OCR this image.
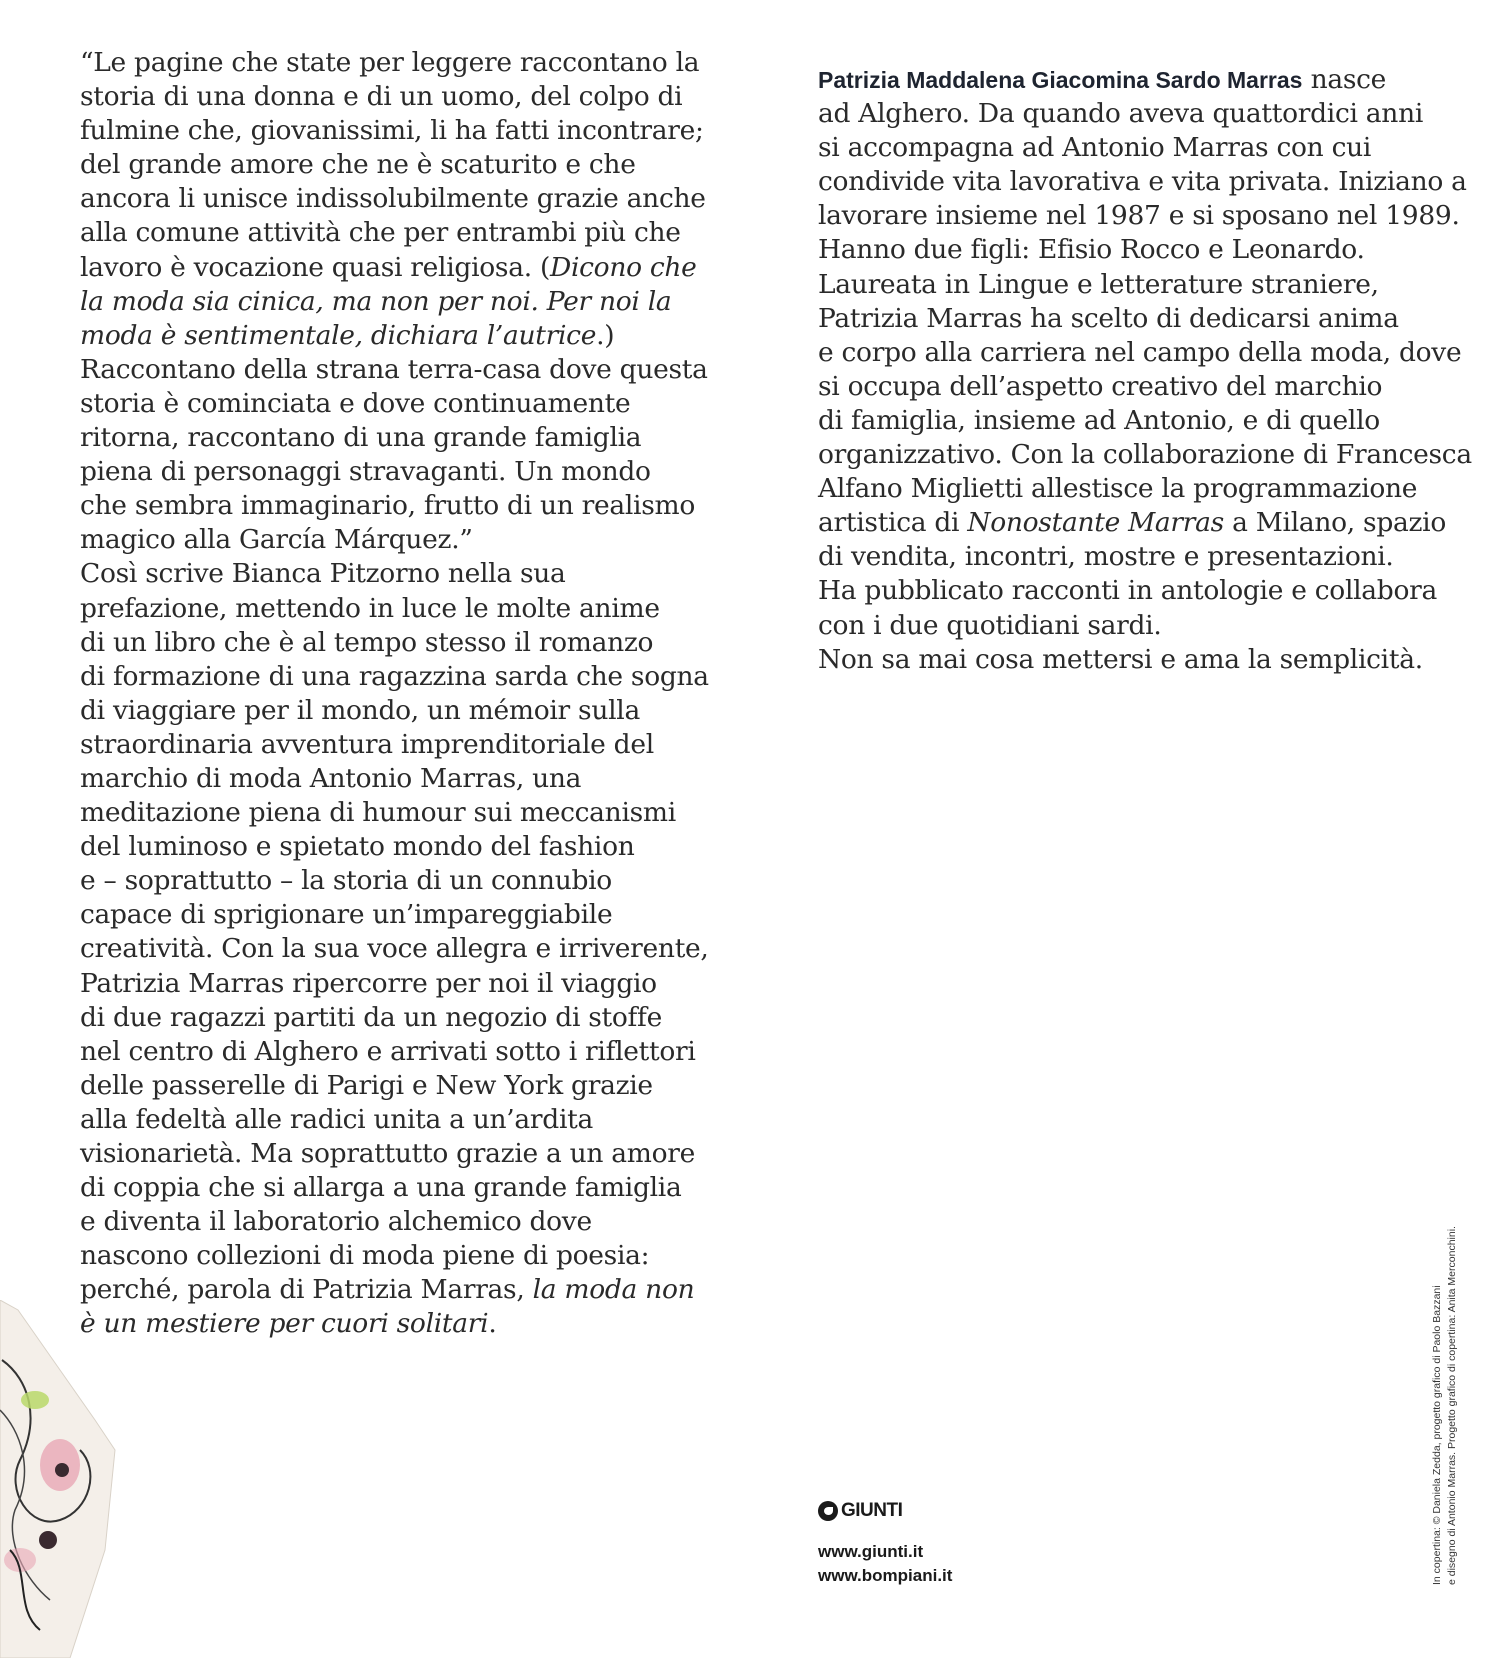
“Le pagine che state per leggere raccontano la
storia di una donna e di un uomo, del colpo di
fulmine che, giovanissimi, li ha fatti incontrare;
del grande amore che ne è scaturito e che
ancora li unisce indissolubilmente grazie anche
alla comune attività che per entrambi più che
lavoro è vocazione quasi religiosa. (Dicono che
la moda sia cinica, ma non per noi. Per noi la
moda è sentimentale, dichiara l’autrice.)
Raccontano della strana terra-casa dove questa
storia è cominciata e dove continuamente
ritorna, raccontano di una grande famiglia
piena di personaggi stravaganti. Un mondo
che sembra immaginario, frutto di un realismo
magico alla García Márquez.”
Così scrive Bianca Pitzorno nella sua
prefazione, mettendo in luce le molte anime
di un libro che è al tempo stesso il romanzo
di formazione di una ragazzina sarda che sogna
di viaggiare per il mondo, un mémoir sulla
straordinaria avventura imprenditoriale del
marchio di moda Antonio Marras, una
meditazione piena di humour sui meccanismi
del luminoso e spietato mondo del fashion
e – soprattutto – la storia di un connubio
capace di sprigionare un’impareggiabile
creatività. Con la sua voce allegra e irriverente,
Patrizia Marras ripercorre per noi il viaggio
di due ragazzi partiti da un negozio di stoffe
nel centro di Alghero e arrivati sotto i riflettori
delle passerelle di Parigi e New York grazie
alla fedeltà alle radici unita a un’ardita
visionarietà. Ma soprattutto grazie a un amore
di coppia che si allarga a una grande famiglia
e diventa il laboratorio alchemico dove
nascono collezioni di moda piene di poesia:
perché, parola di Patrizia Marras, la moda non
è un mestiere per cuori solitari.
Patrizia Maddalena Giacomina Sardo Marras nasce
ad Alghero. Da quando aveva quattordici anni
si accompagna ad Antonio Marras con cui
condivide vita lavorativa e vita privata. Iniziano a
lavorare insieme nel 1987 e si sposano nel 1989.
Hanno due figli: Efisio Rocco e Leonardo.
Laureata in Lingue e letterature straniere,
Patrizia Marras ha scelto di dedicarsi anima
e corpo alla carriera nel campo della moda, dove
si occupa dell’aspetto creativo del marchio
di famiglia, insieme ad Antonio, e di quello
organizzativo. Con la collaborazione di Francesca
Alfano Miglietti allestisce la programmazione
artistica di Nonostante Marras a Milano, spazio
di vendita, incontri, mostre e presentazioni.
Ha pubblicato racconti in antologie e collabora
con i due quotidiani sardi.
Non sa mai cosa mettersi e ama la semplicità.
GIUNTI
www.giunti.it
www.bompiani.it	In copertina: © Daniela Zedda, progetto grafico di Paolo Bazzani e disegno di Antonio Marras. Progetto grafico di copertina: Anita Merconchini.
